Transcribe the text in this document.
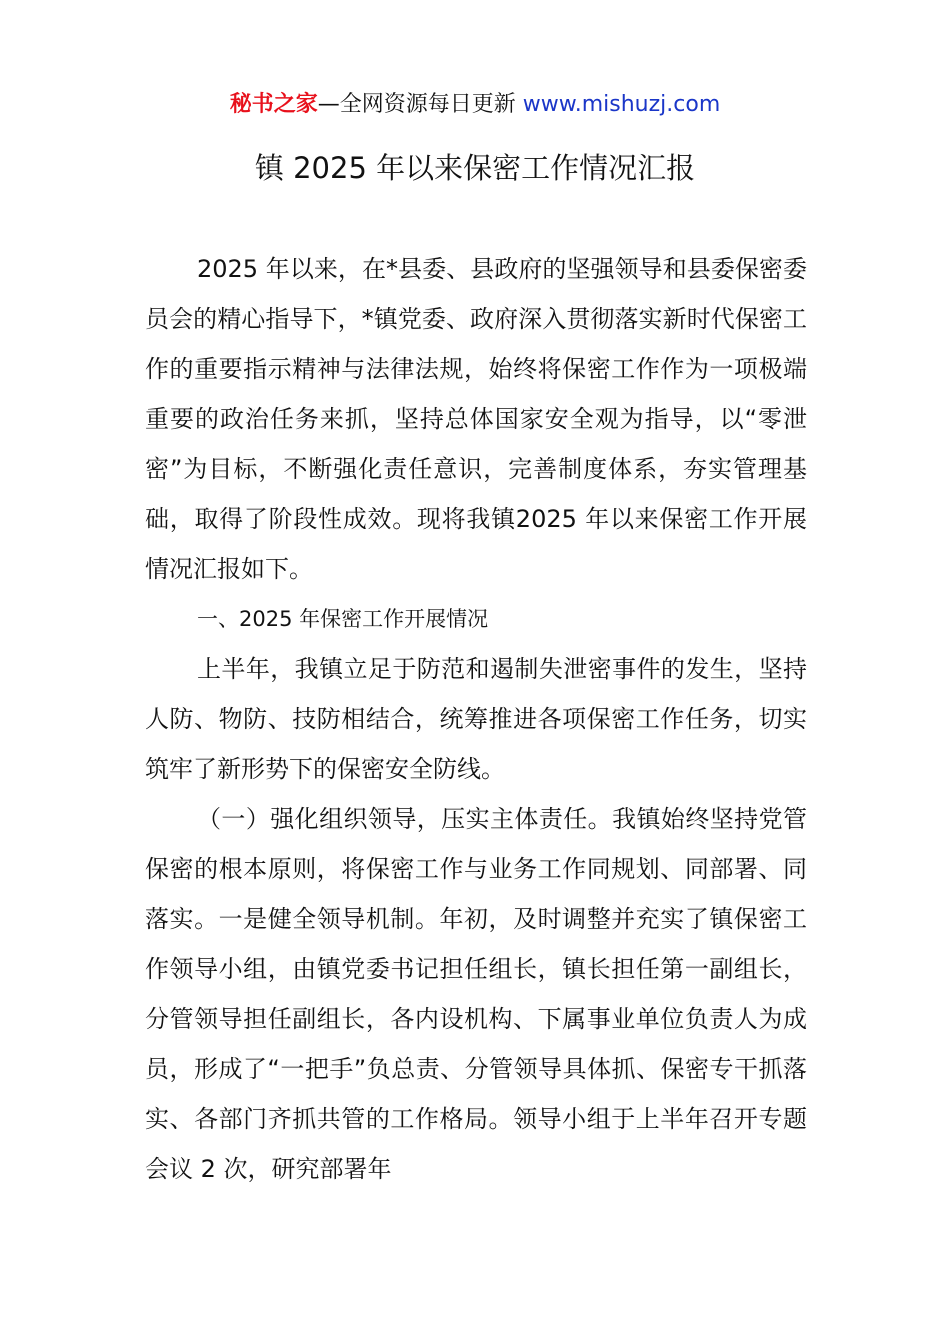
秘书之家—全网资源每日更新 www.mishuzj.com
镇 2025 年以来保密工作情况汇报

2025 年以来，在*县委、县政府的坚强领导和县委保密委员会的精心指导下，*镇党委、政府深入贯彻落实新时代保密工作的重要指示精神与法律法规，始终将保密工作作为一项极端重要的政治任务来抓，坚持总体国家安全观为指导，以“零泄密”为目标，不断强化责任意识，完善制度体系，夯实管理基础，取得了阶段性成效。现将我镇2025 年以来保密工作开展情况汇报如下。

一、2025 年保密工作开展情况

上半年，我镇立足于防范和遏制失泄密事件的发生，坚持人防、物防、技防相结合，统筹推进各项保密工作任务，切实筑牢了新形势下的保密安全防线。

（一）强化组织领导，压实主体责任。我镇始终坚持党管保密的根本原则，将保密工作与业务工作同规划、同部署、同落实。一是健全领导机制。年初，及时调整并充实了镇保密工作领导小组，由镇党委书记担任组长，镇长担任第一副组长，分管领导担任副组长，各内设机构、下属事业单位负责人为成员，形成了“一把手”负总责、分管领导具体抓、保密专干抓落实、各部门齐抓共管的工作格局。领导小组于上半年召开专题会议 2 次，研究部署年
